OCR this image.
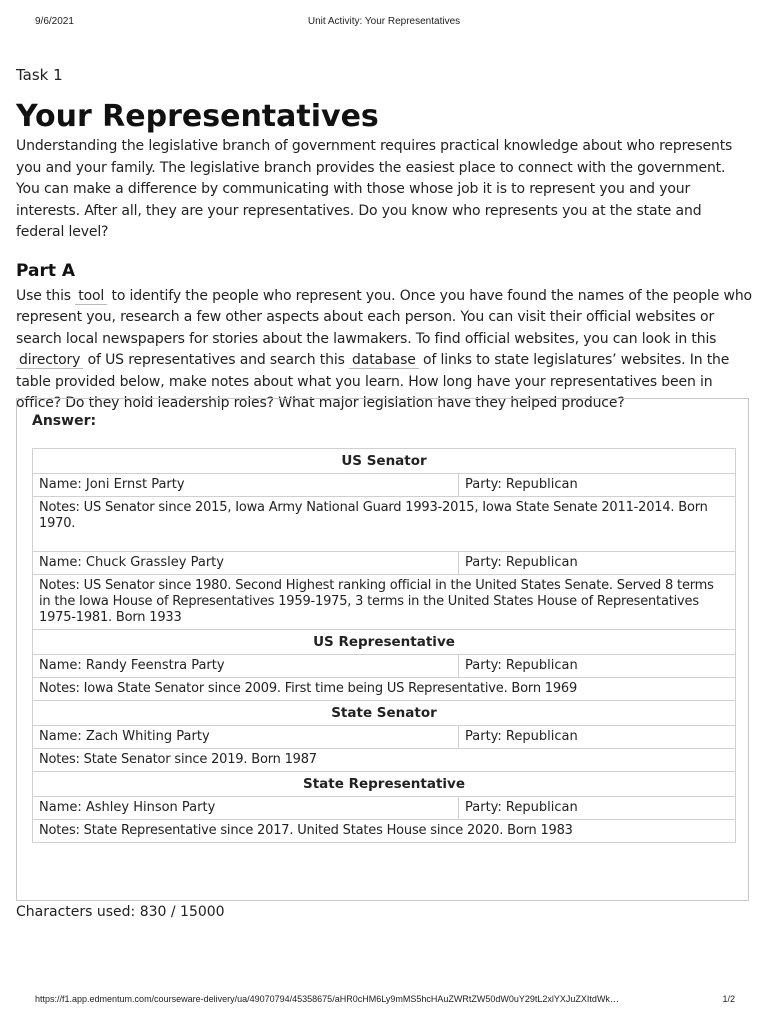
9/6/2021	Unit Activity: Your Representatives

Task 1

Your Representatives

Understanding the legislative branch of government requires practical knowledge about who represents you and your family. The legislative branch provides the easiest place to connect with the government. You can make a difference by communicating with those whose job it is to represent you and your interests. After all, they are your representatives. Do you know who represents you at the state and federal level?

Part A

Use this tool to identify the people who represent you. Once you have found the names of the people who represent you, research a few other aspects about each person. You can visit their official websites or search local newspapers for stories about the lawmakers. To find official websites, you can look in this directory of US representatives and search this database of links to state legislatures’ websites. In the table provided below, make notes about what you learn. How long have your representatives been in office? Do they hold leadership roles? What major legislation have they helped produce?

Answer:
US Senator	
Name: Joni Ernst Party	Party: Republican
Notes: US Senator since 2015, Iowa Army National Guard 1993-2015, Iowa State Senate 2011-2014. Born 1970.	
Name: Chuck Grassley Party	Party: Republican
Notes: US Senator since 1980. Second Highest ranking official in the United States Senate. Served 8 terms in the Iowa House of Representatives 1959-1975, 3 terms in the United States House of Representatives 1975-1981. Born 1933	
US Representative	
Name: Randy Feenstra Party	Party: Republican
Notes: Iowa State Senator since 2009. First time being US Representative. Born 1969	
State Senator	
Name: Zach Whiting Party	Party: Republican
Notes: State Senator since 2019. Born 1987	
State Representative	
Name: Ashley Hinson Party	Party: Republican
Notes: State Representative since 2017. United States House since 2020. Born 1983	
Characters used: 830 / 15000
https://f1.app.edmentum.com/courseware-delivery/ua/49070794/45358675/aHR0cHM6Ly9mMS5hcHAuZWRtZW50dW0uY29tL2xlYXJuZXItdWk…	1/2
